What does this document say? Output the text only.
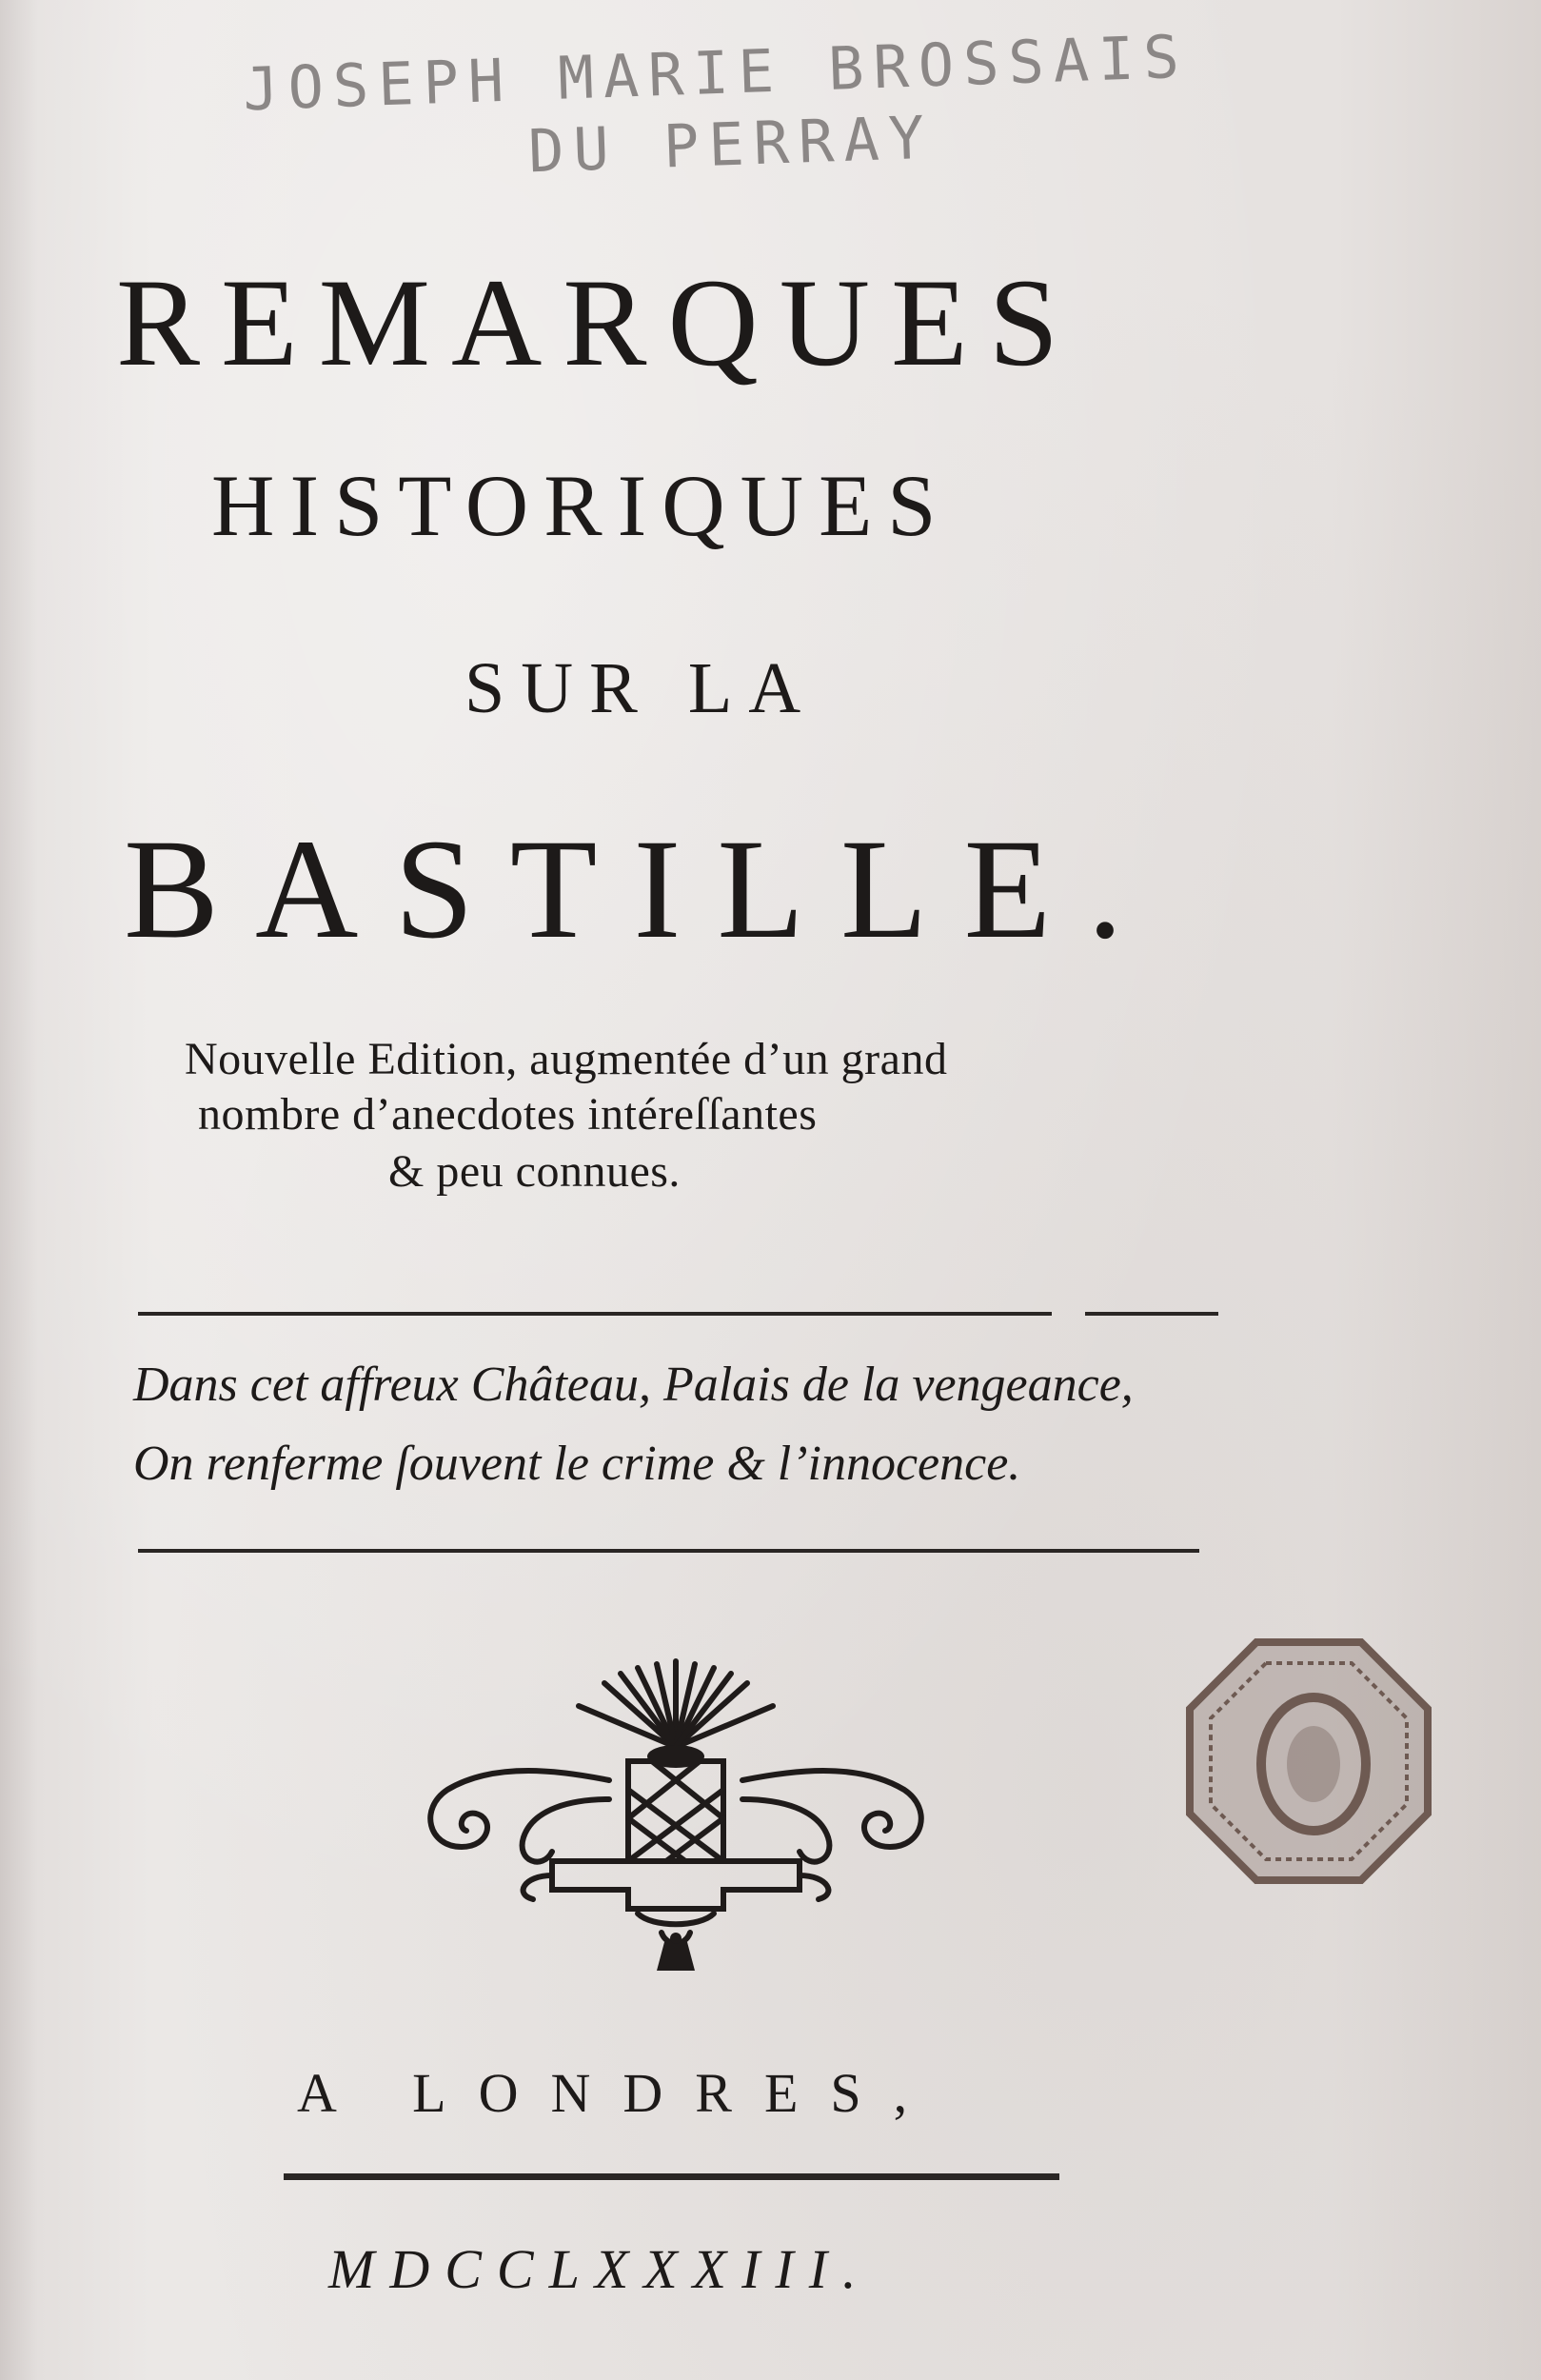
JOSEPH MARIE BROSSAIS
DU PERRAY
REMARQUES
HISTORIQUES
SUR LA
BASTILLE.
Nouvelle Edition, augmentée d’un grand
nombre d’anecdotes intéreſſantes
& peu connues.
Dans cet affreux Château, Palais de la vengeance,
On renferme ſouvent le crime & l’innocence.
A LONDRES,
MDCCLXXXIII.
